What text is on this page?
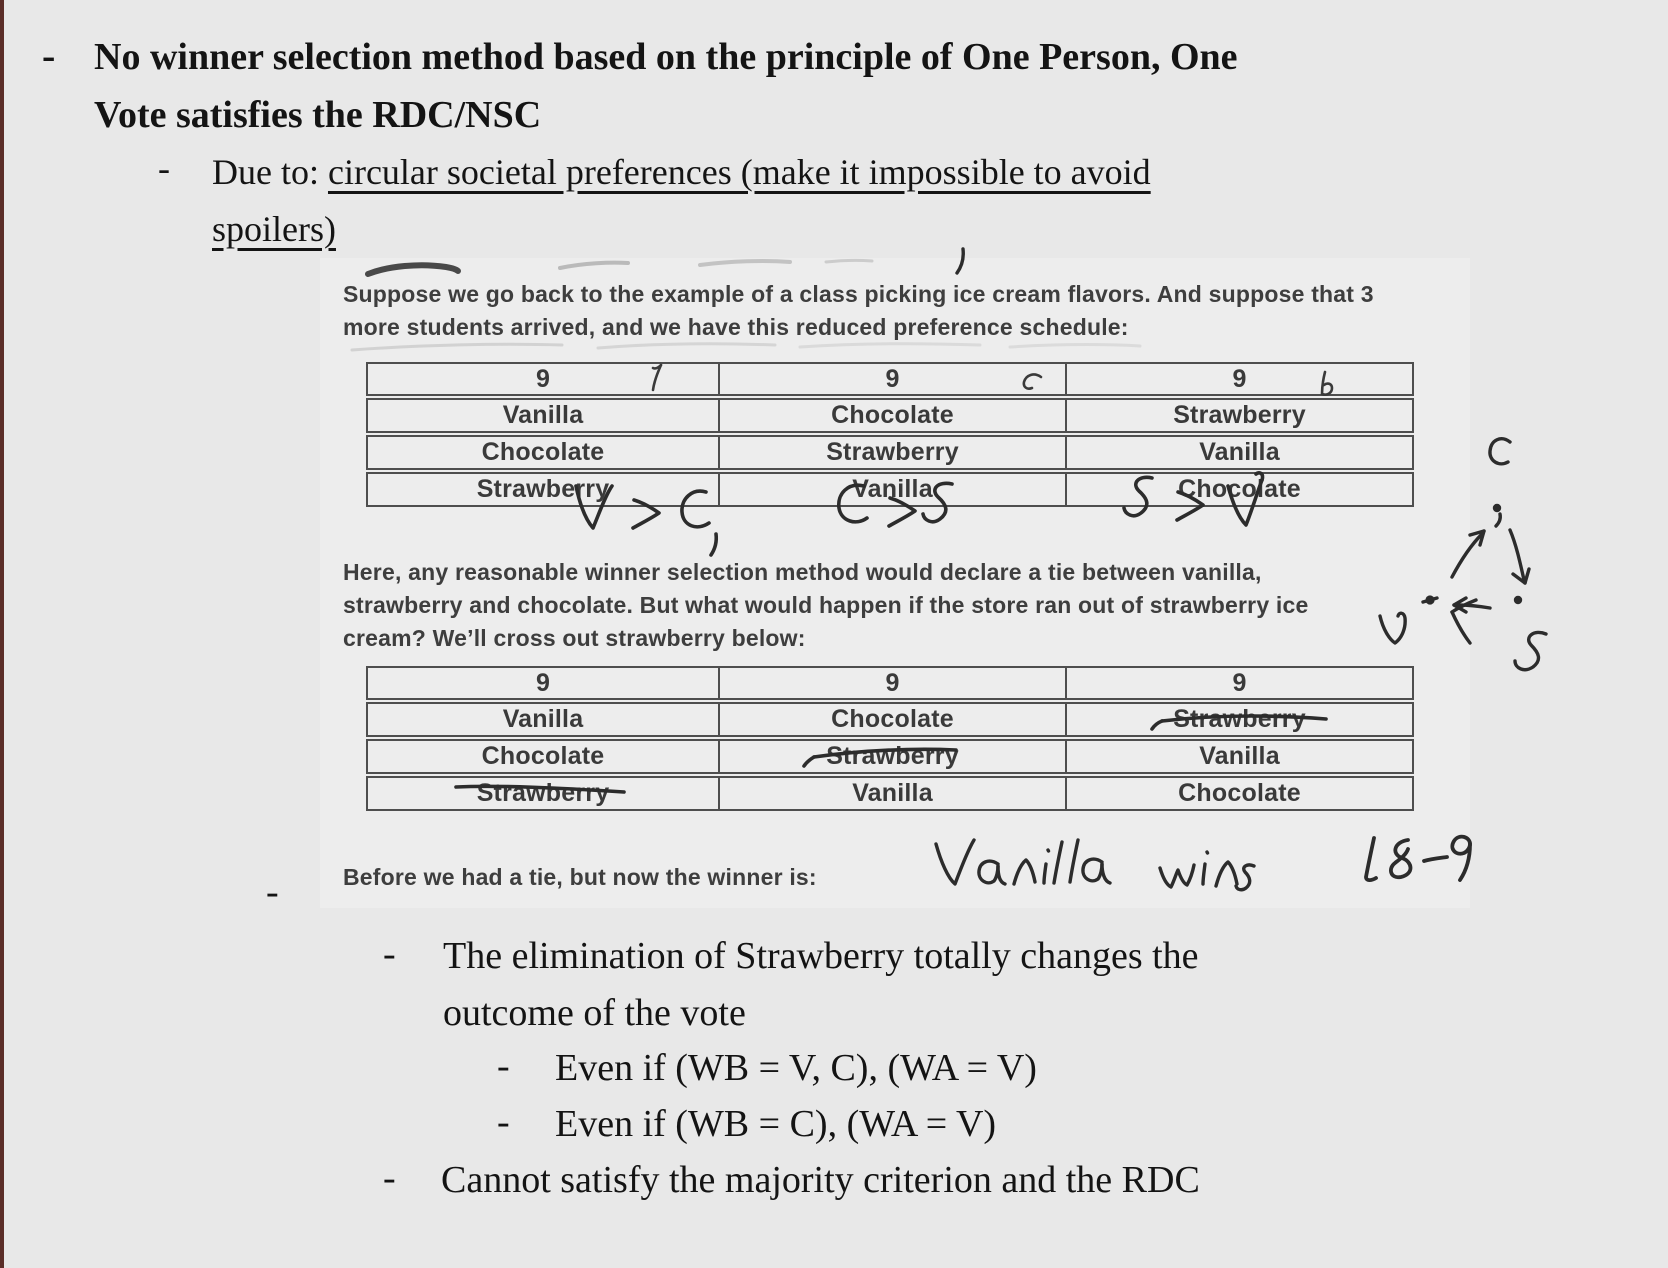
- No winner selection method based on the principle of One Person, One
Vote satisfies the RDC/NSC
- Due to: circular societal preferences (make it impossible to avoid
spoilers)
Suppose we go back to the example of a class picking ice cream flavors. And suppose that 3
more students arrived, and we have this reduced preference schedule:
9	9	9
Vanilla	Chocolate	Strawberry
Chocolate	Strawberry	Vanilla
Strawberry	Vanilla	Chocolate
Here, any reasonable winner selection method would declare a tie between vanilla,
strawberry and chocolate. But what would happen if the store ran out of strawberry ice
cream? We’ll cross out strawberry below:
9	9	9
Vanilla	Chocolate	Strawberry
Chocolate	Strawberry	Vanilla
Strawberry	Vanilla	Chocolate
Before we had a tie, but now the winner is:
-
- The elimination of Strawberry totally changes the
outcome of the vote
- Even if (WB = V, C), (WA = V)
- Even if (WB = C), (WA = V)
- Cannot satisfy the majority criterion and the RDC
